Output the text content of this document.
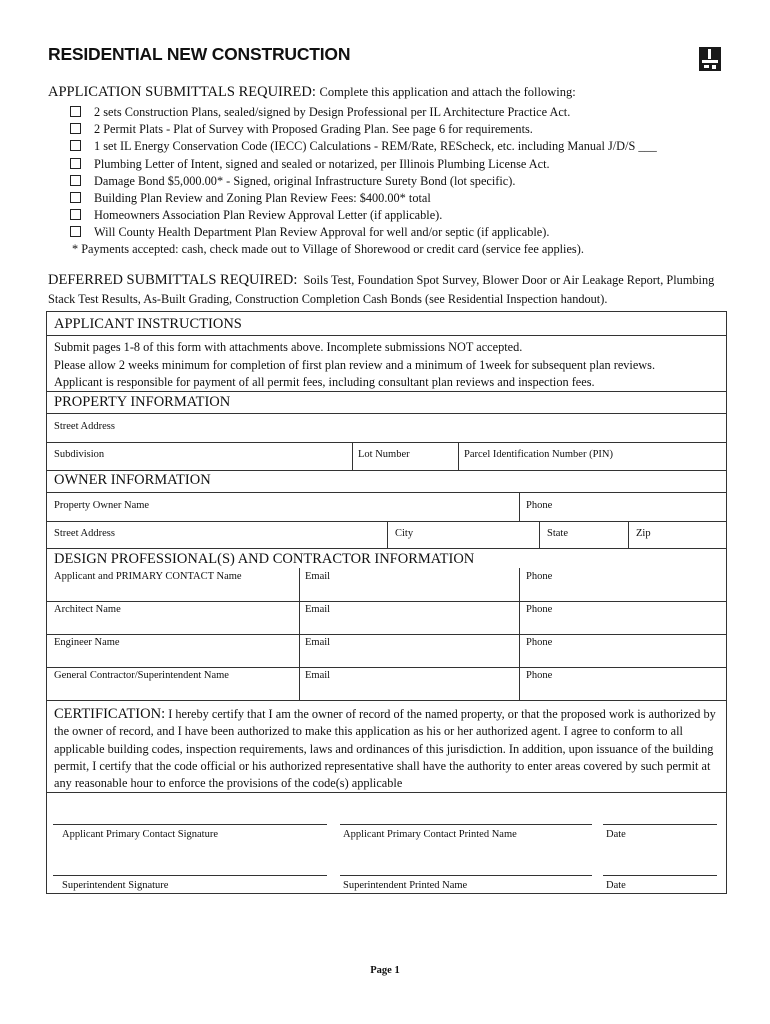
RESIDENTIAL NEW CONSTRUCTION
APPLICATION SUBMITTALS REQUIRED: Complete this application and attach the following:
2 sets Construction Plans, sealed/signed by Design Professional per IL Architecture Practice Act.
2 Permit Plats - Plat of Survey with Proposed Grading Plan. See page 6 for requirements.
1 set IL Energy Conservation Code (IECC) Calculations - REM/Rate, REScheck, etc. including Manual J/D/S ___
Plumbing Letter of Intent, signed and sealed or notarized, per Illinois Plumbing License Act.
Damage Bond $5,000.00* - Signed, original Infrastructure Surety Bond (lot specific).
Building Plan Review and Zoning Plan Review Fees: $400.00* total
Homeowners Association Plan Review Approval Letter (if applicable).
Will County Health Department Plan Review Approval for well and/or septic (if applicable).
* Payments accepted: cash, check made out to Village of Shorewood or credit card (service fee applies).
DEFERRED SUBMITTALS REQUIRED: Soils Test, Foundation Spot Survey, Blower Door or Air Leakage Report, Plumbing Stack Test Results, As-Built Grading, Construction Completion Cash Bonds (see Residential Inspection handout).
APPLICANT INSTRUCTIONS
Submit pages 1-8 of this form with attachments above. Incomplete submissions NOT accepted.
Please allow 2 weeks minimum for completion of first plan review and a minimum of 1week for subsequent plan reviews.
Applicant is responsible for payment of all permit fees, including consultant plan reviews and inspection fees.
PROPERTY INFORMATION
Street Address
Subdivision	Lot Number	Parcel Identification Number (PIN)
OWNER INFORMATION
Property Owner Name	Phone
Street Address	City	State	Zip
DESIGN PROFESSIONAL(S) AND CONTRACTOR INFORMATION
Applicant and PRIMARY CONTACT Name	Email	Phone
Architect Name	Email	Phone
Engineer Name	Email	Phone
General Contractor/Superintendent Name	Email	Phone
CERTIFICATION: I hereby certify that I am the owner of record of the named property, or that the proposed work is authorized by the owner of record, and I have been authorized to make this application as his or her authorized agent. I agree to conform to all applicable building codes, inspection requirements, laws and ordinances of this jurisdiction. In addition, upon issuance of the building permit, I certify that the code official or his authorized representative shall have the authority to enter areas covered by such permit at any reasonable hour to enforce the provisions of the code(s) applicable
Applicant Primary Contact Signature	Applicant Primary Contact Printed Name	Date
Superintendent Signature	Superintendent Printed Name	Date
Page 1
